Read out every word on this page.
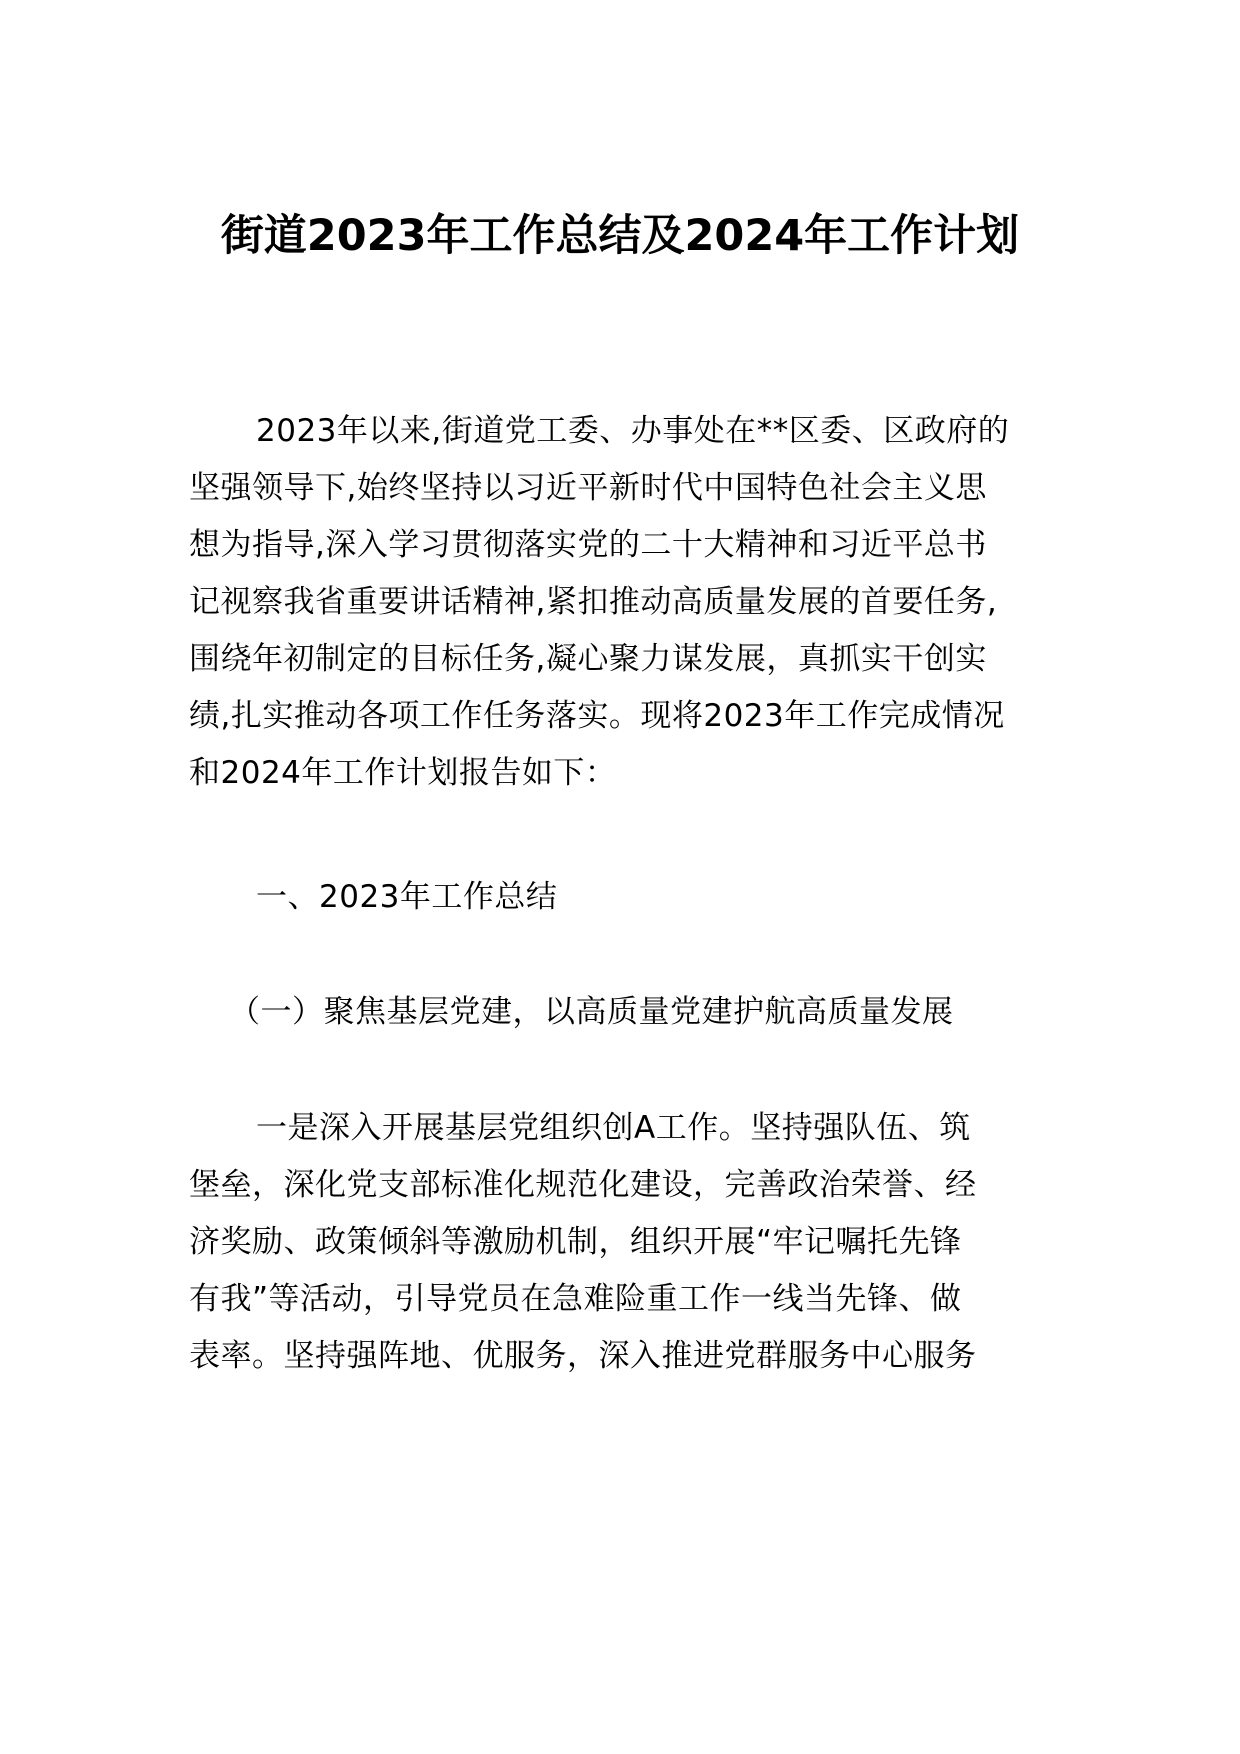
街道2023年工作总结及2024年工作计划
2023年以来,街道党工委、办事处在**区委、区政府的
坚强领导下,始终坚持以习近平新时代中国特色社会主义思
想为指导,深入学习贯彻落实党的二十大精神和习近平总书
记视察我省重要讲话精神,紧扣推动高质量发展的首要任务,
围绕年初制定的目标任务,凝心聚力谋发展，真抓实干创实
绩,扎实推动各项工作任务落实。现将2023年工作完成情况
和2024年工作计划报告如下：
一、2023年工作总结
（一）聚焦基层党建，以高质量党建护航高质量发展
一是深入开展基层党组织创A工作。坚持强队伍、筑
堡垒，深化党支部标准化规范化建设，完善政治荣誉、经
济奖励、政策倾斜等激励机制，组织开展“牢记嘱托先锋
有我”等活动，引导党员在急难险重工作一线当先锋、做
表率。坚持强阵地、优服务，深入推进党群服务中心服务
